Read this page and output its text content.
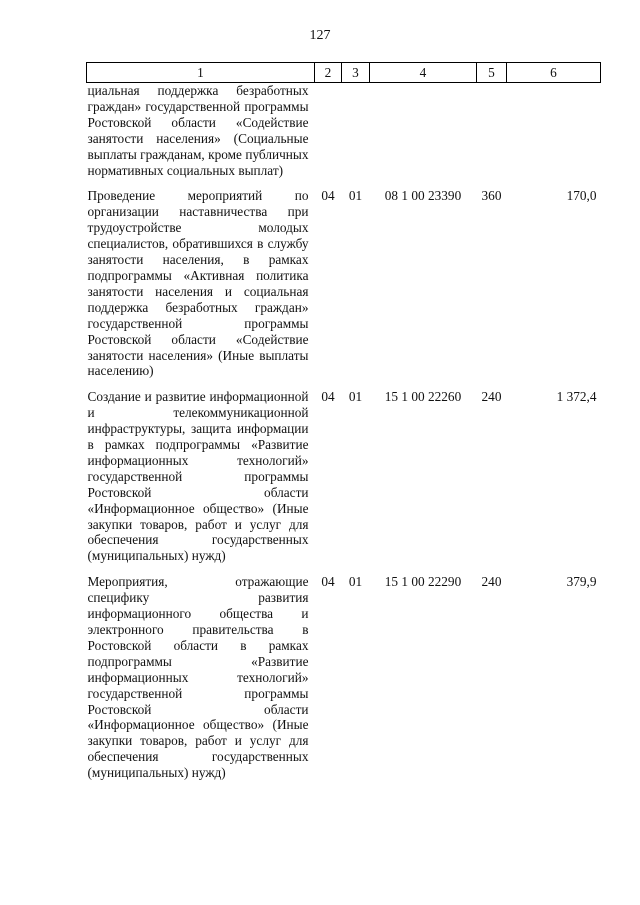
127
1	2	3	4	5	6
циальная поддержка безработных граждан» государственной программы Ростовской области «Содействие занятости населения» (Социальные выплаты гражданам, кроме публичных нормативных социальных выплат)					
Проведение мероприятий по организации наставничества при трудоустройстве молодых специалистов, обратившихся в службу занятости населения, в рамках подпрограммы «Активная политика занятости населения и социальная поддержка безработных граждан» государственной программы Ростовской области «Содействие занятости населения» (Иные выплаты населению)	04	01	08 1 00 23390	360	170,0
Создание и развитие информационной и телекоммуникационной инфраструктуры, защита информации в рамках подпрограммы «Развитие информационных технологий» государственной программы Ростовской области «Информационное общество» (Иные закупки товаров, работ и услуг для обеспечения государственных (муниципальных) нужд)	04	01	15 1 00 22260	240	1 372,4
Мероприятия, отражающие специфику развития информационного общества и электронного правительства в Ростовской области в рамках подпрограммы «Развитие информационных технологий» государственной программы Ростовской области «Информационное общество» (Иные закупки товаров, работ и услуг для обеспечения государственных (муниципальных) нужд)	04	01	15 1 00 22290	240	379,9
